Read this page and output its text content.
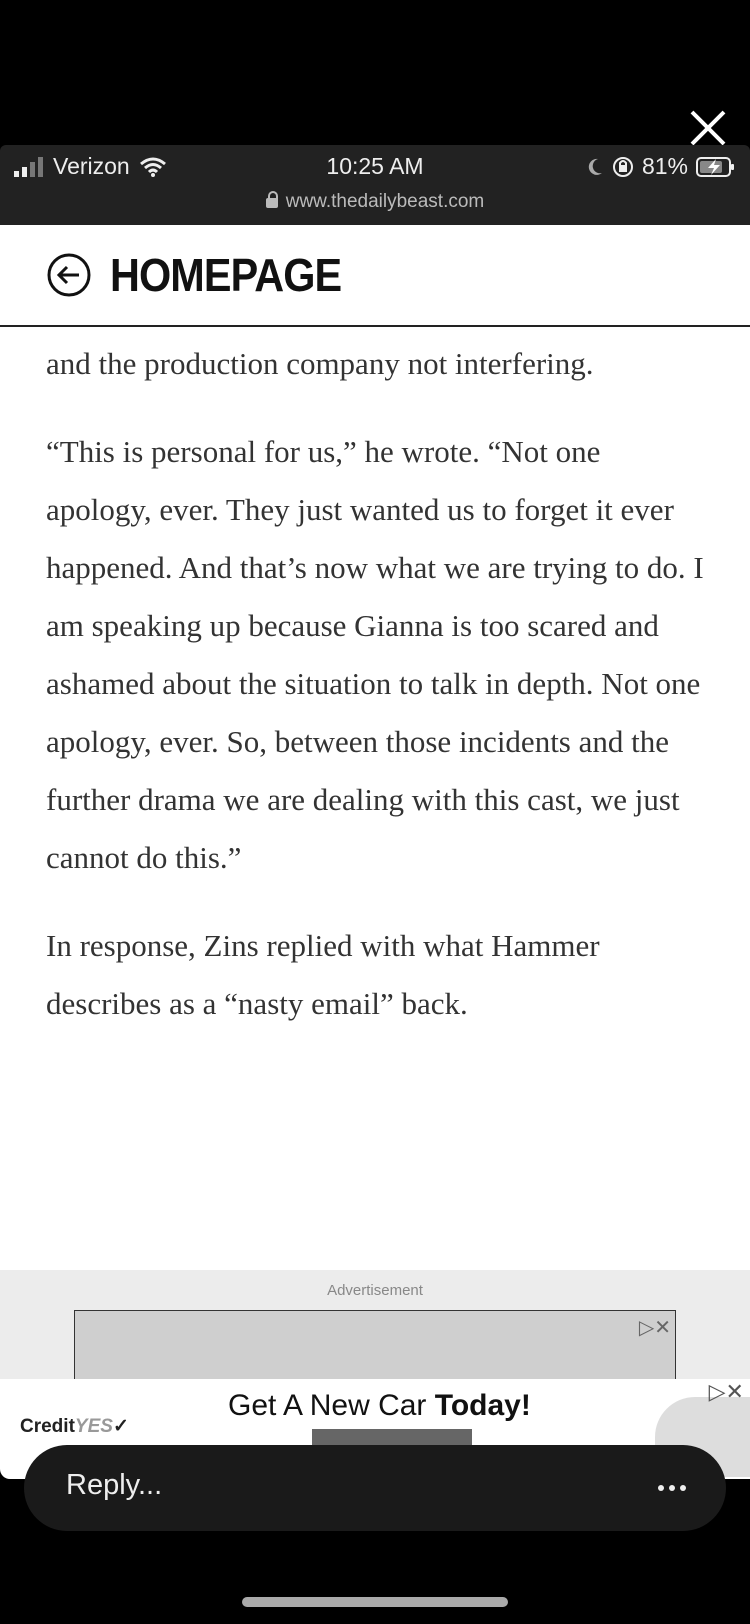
Verizon	10:25 AM	81%
www.thedailybeast.com
HOMEPAGE

and the production company not interfering.

“This is personal for us,” he wrote. “Not one apology, ever. They just wanted us to forget it ever happened. And that’s now what we are trying to do. I am speaking up because Gianna is too scared and ashamed about the situation to talk in depth. Not one apology, ever. So, between those incidents and the further drama we are dealing with this cast, we just cannot do this.”

In response, Zins replied with what Hammer describes as a “nasty email” back.

Advertisement
▷✕
CreditYES✓
Get A New Car Today!	▷✕
Reply...
